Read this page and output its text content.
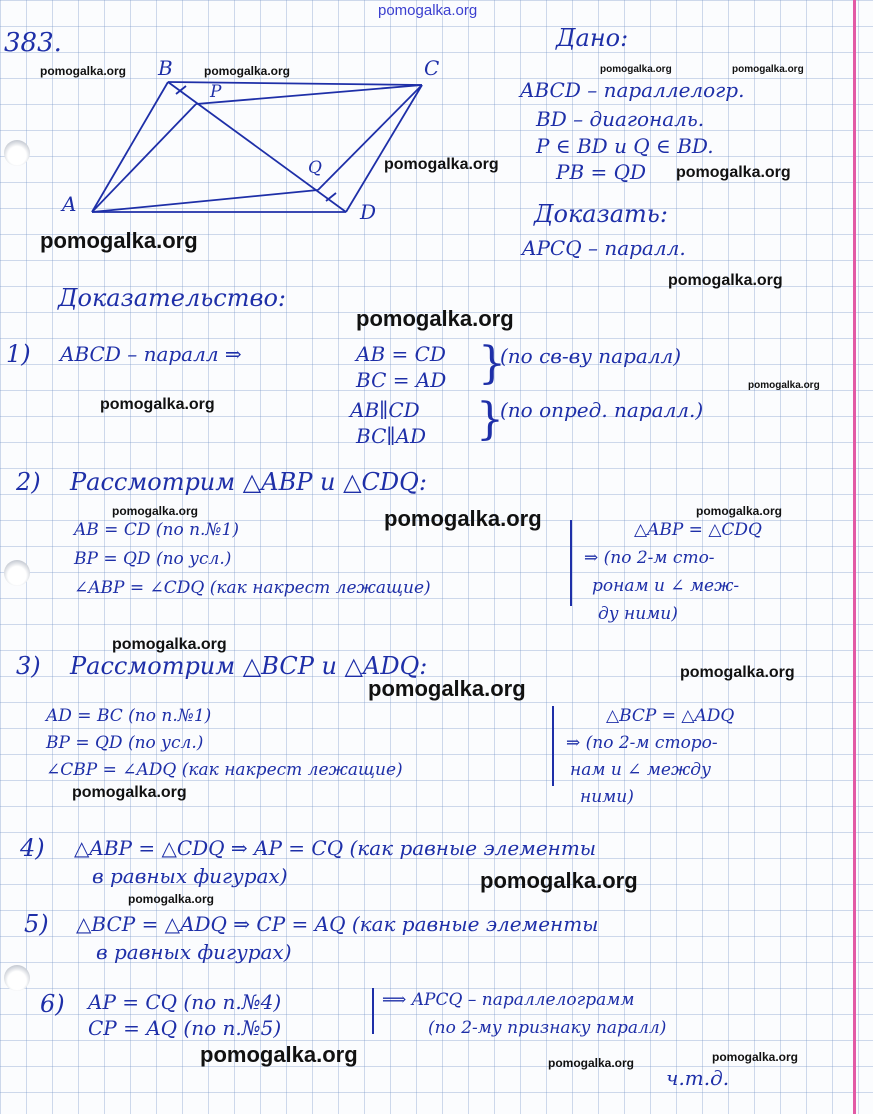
A
B	C
D
P
Q
383.	Дано:
ABCD – параллелогр.
BD – диагональ.
P ∈ BD и Q ∈ BD.
PB = QD
Доказать:
APCQ – паралл.
Доказательство:
1) ABCD – паралл ⇒	AB = CD
BC = AD }
(по св-ву паралл)
AB∥CD
BC∥AD }
(по опред. паралл.)
2) Рассмотрим △ABP и △CDQ:
AB = CD (по п.№1)
BP = QD (по усл.)
∠ABP = ∠CDQ (как накрест лежащие)
△ABP = △CDQ
⇒ (по 2-м сто-
ронам и ∠ меж-
ду ними)
3) Рассмотрим △BCP и △ADQ:
AD = BC (по п.№1)
BP = QD (по усл.)
∠CBP = ∠ADQ (как накрест лежащие)
△BCP = △ADQ
⇒ (по 2-м сторо-
нам и ∠ между
ними)
4) △ABP = △CDQ ⇒ AP = CQ (как равные элементы
в равных фигурах)
5) △BCP = △ADQ ⇒ CP = AQ (как равные элементы
в равных фигурах)
6) AP = CQ (по п.№4)
CP = AQ (по п.№5)
⟹ APCQ – параллелограмм
(по 2-му признаку паралл)
ч.т.д.
pomogalka.org
pomogalka.org	pomogalka.org	pomogalka.org	pomogalka.org
pomogalka.org	pomogalka.org
pomogalka.org
pomogalka.org
pomogalka.org
pomogalka.org
pomogalka.org
pomogalka.org	pomogalka.org	pomogalka.org
pomogalka.org
pomogalka.org
pomogalka.org
pomogalka.org
pomogalka.org
pomogalka.org
pomogalka.org	pomogalka.org	pomogalka.org
